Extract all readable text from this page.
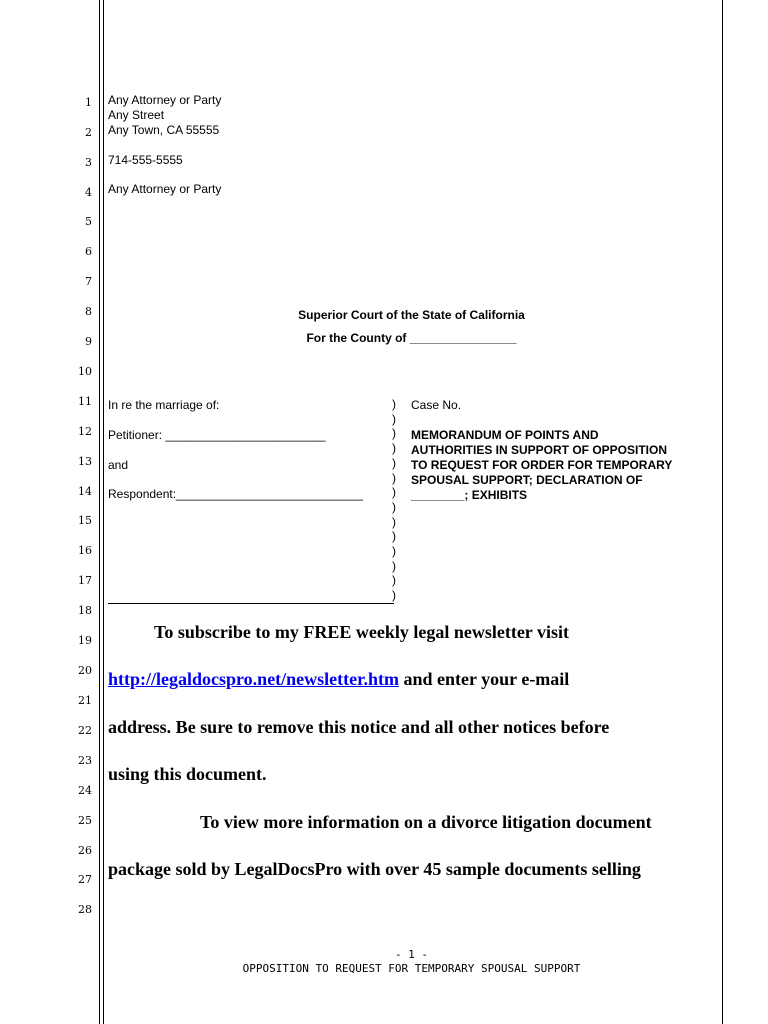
1
2
3
4
5
6
7
8
9
10
11
12
13
14
15
16
17
18
19
20
21
22
23
24
25
26
27
28
Any Attorney or Party
Any Street
Any Town, CA 55555
714-555-5555
Any Attorney or Party
Superior Court of the State of California
For the County of ________________
In re the marriage of:
Petitioner: ________________________
and
Respondent:____________________________
)
)
)
)
)
)
)
)
)
)
)
)
)
)
Case No.
MEMORANDUM OF POINTS AND
AUTHORITIES IN SUPPORT OF OPPOSITION
TO REQUEST FOR ORDER FOR TEMPORARY
SPOUSAL SUPPORT; DECLARATION OF
________; EXHIBITS
To subscribe to my FREE weekly legal newsletter visit
http://legaldocspro.net/newsletter.htm and enter your e-mail
address. Be sure to remove this notice and all other notices before
using this document.
To view more information on a divorce litigation document
package sold by LegalDocsPro with over 45 sample documents selling
- 1 -
OPPOSITION TO REQUEST FOR TEMPORARY SPOUSAL SUPPORT
